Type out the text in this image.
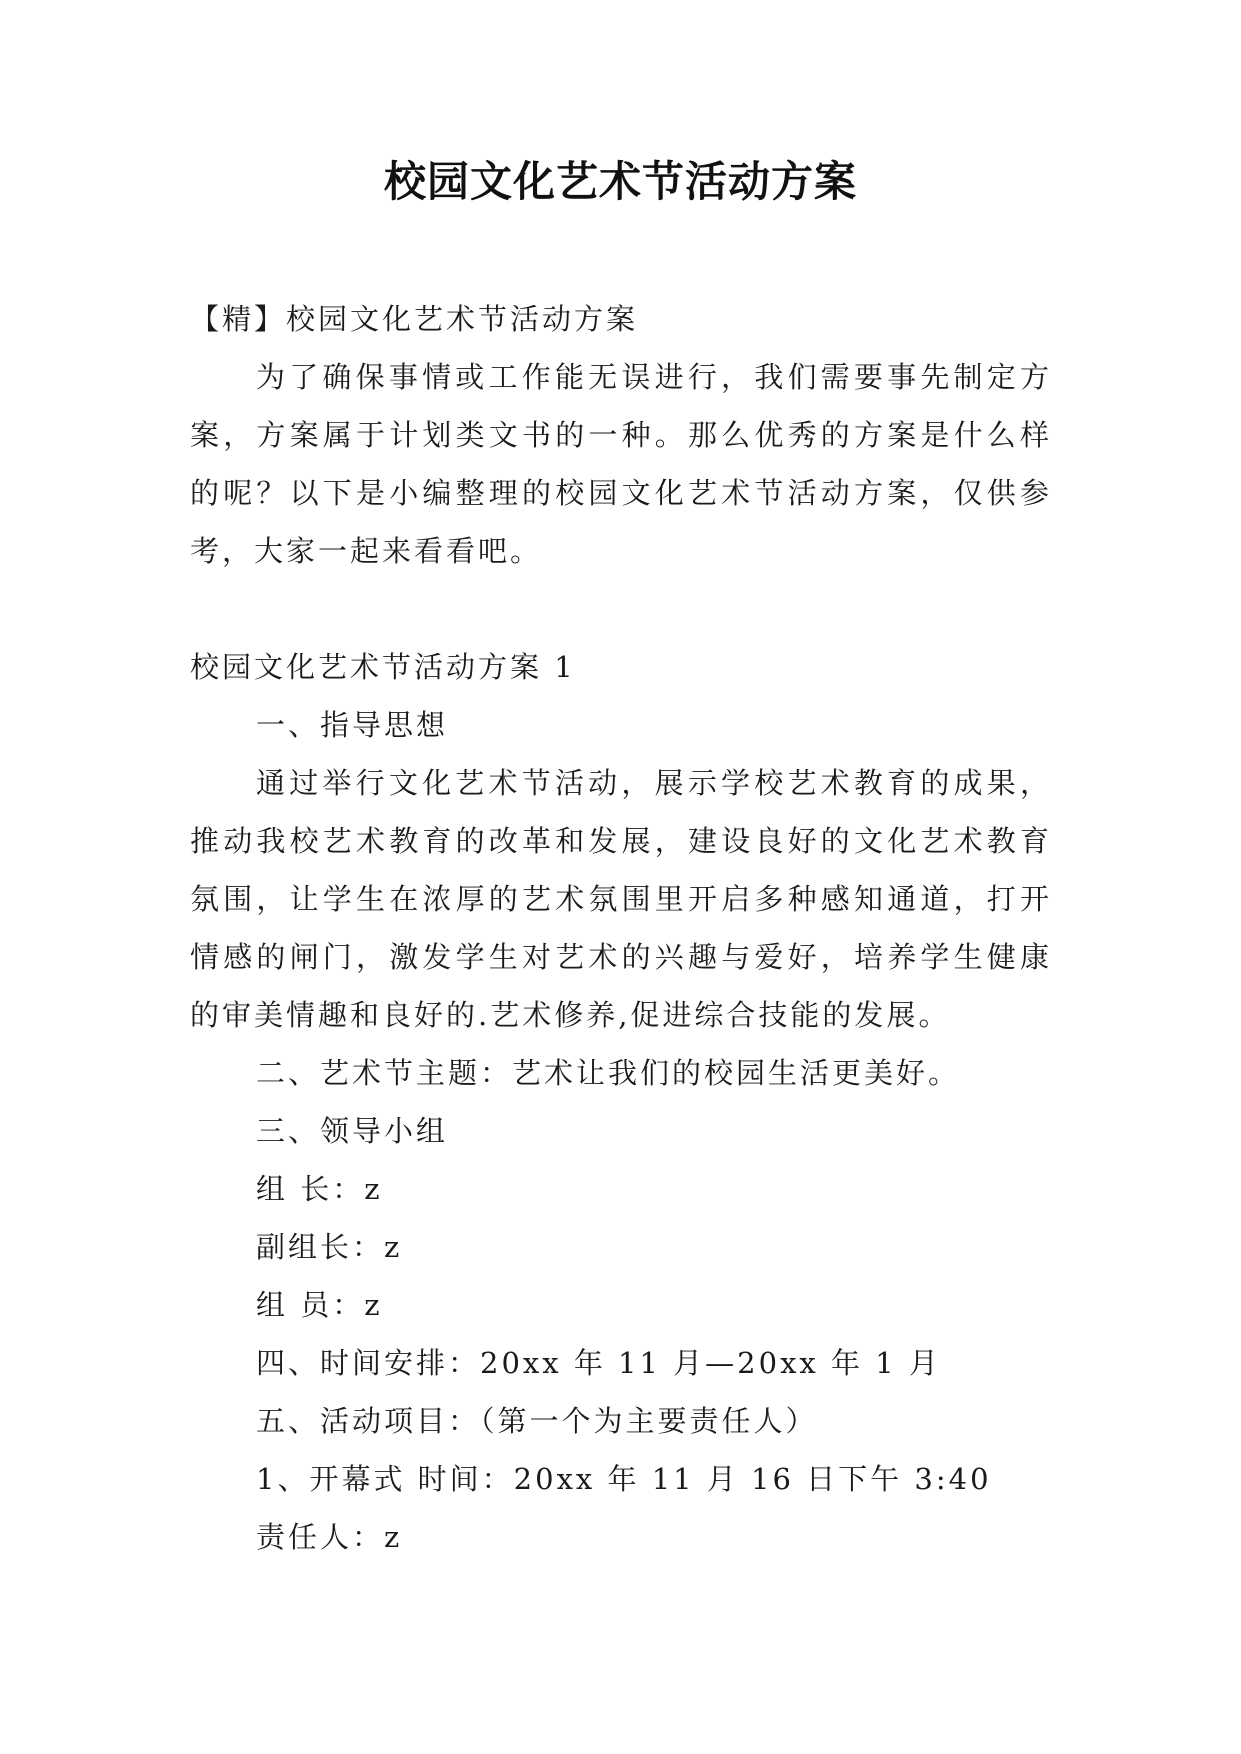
校园文化艺术节活动方案

【精】校园文化艺术节活动方案

为了确保事情或工作能无误进行，我们需要事先制定方案，方案属于计划类文书的一种。那么优秀的方案是什么样的呢？以下是小编整理的校园文化艺术节活动方案，仅供参考，大家一起来看看吧。

校园文化艺术节活动方案 1

一、指导思想

通过举行文化艺术节活动，展示学校艺术教育的成果，推动我校艺术教育的改革和发展，建设良好的文化艺术教育氛围，让学生在浓厚的艺术氛围里开启多种感知通道，打开情感的闸门，激发学生对艺术的兴趣与爱好，培养学生健康的审美情趣和良好的.艺术修养,促进综合技能的发展。

二、艺术节主题：艺术让我们的校园生活更美好。

三、领导小组

组 长：z

副组长：z

组 员：z

四、时间安排：20xx 年 11 月—20xx 年 1 月

五、活动项目：（第一个为主要责任人）

1、开幕式 时间：20xx 年 11 月 16 日下午 3:40

责任人：z
